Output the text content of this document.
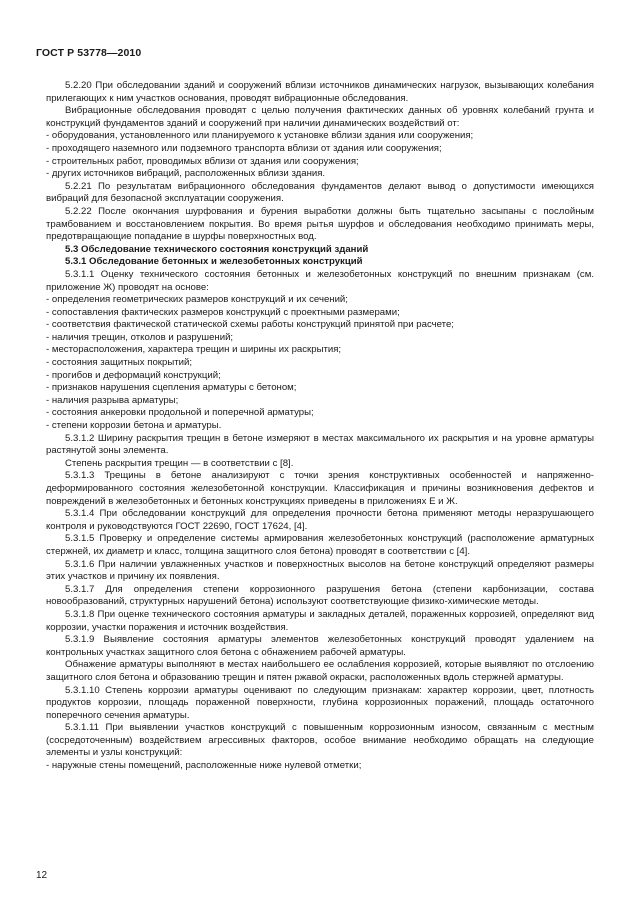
ГОСТ Р 53778—2010

5.2.20 При обследовании зданий и сооружений вблизи источников динамических нагрузок, вызывающих колебания прилегающих к ним участков основания, проводят вибрационные обследования.

Вибрационные обследования проводят с целью получения фактических данных об уровнях колебаний грунта и конструкций фундаментов зданий и сооружений при наличии динамических воздействий от:

- оборудования, установленного или планируемого к установке вблизи здания или сооружения;

- проходящего наземного или подземного транспорта вблизи от здания или сооружения;

- строительных работ, проводимых вблизи от здания или сооружения;

- других источников вибраций, расположенных вблизи здания.

5.2.21 По результатам вибрационного обследования фундаментов делают вывод о допустимости имеющихся вибраций для безопасной эксплуатации сооружения.

5.2.22 После окончания шурфования и бурения выработки должны быть тщательно засыпаны с послойным трамбованием и восстановлением покрытия. Во время рытья шурфов и обследования необходимо принимать меры, предотвращающие попадание в шурфы поверхностных вод.

5.3 Обследование технического состояния конструкций зданий

5.3.1 Обследование бетонных и железобетонных конструкций

5.3.1.1 Оценку технического состояния бетонных и железобетонных конструкций по внешним признакам (см. приложение Ж) проводят на основе:

- определения геометрических размеров конструкций и их сечений;

- сопоставления фактических размеров конструкций с проектными размерами;

- соответствия фактической статической схемы работы конструкций принятой при расчете;

- наличия трещин, отколов и разрушений;

- месторасположения, характера трещин и ширины их раскрытия;

- состояния защитных покрытий;

- прогибов и деформаций конструкций;

- признаков нарушения сцепления арматуры с бетоном;

- наличия разрыва арматуры;

- состояния анкеровки продольной и поперечной арматуры;

- степени коррозии бетона и арматуры.

5.3.1.2 Ширину раскрытия трещин в бетоне измеряют в местах максимального их раскрытия и на уровне арматуры растянутой зоны элемента.

Степень раскрытия трещин — в соответствии с [8].

5.3.1.3 Трещины в бетоне анализируют с точки зрения конструктивных особенностей и напряженно-деформированного состояния железобетонной конструкции. Классификация и причины возникновения дефектов и повреждений в железобетонных и бетонных конструкциях приведены в приложениях Е и Ж.

5.3.1.4 При обследовании конструкций для определения прочности бетона применяют методы неразрушающего контроля и руководствуются ГОСТ 22690, ГОСТ 17624, [4].

5.3.1.5 Проверку и определение системы армирования железобетонных конструкций (расположение арматурных стержней, их диаметр и класс, толщина защитного слоя бетона) проводят в соответствии с [4].

5.3.1.6 При наличии увлажненных участков и поверхностных высолов на бетоне конструкций определяют размеры этих участков и причину их появления.

5.3.1.7 Для определения степени коррозионного разрушения бетона (степени карбонизации, состава новообразований, структурных нарушений бетона) используют соответствующие физико-химические методы.

5.3.1.8 При оценке технического состояния арматуры и закладных деталей, пораженных коррозией, определяют вид коррозии, участки поражения и источник воздействия.

5.3.1.9 Выявление состояния арматуры элементов железобетонных конструкций проводят удалением на контрольных участках защитного слоя бетона с обнажением рабочей арматуры.

Обнажение арматуры выполняют в местах наибольшего ее ослабления коррозией, которые выявляют по отслоению защитного слоя бетона и образованию трещин и пятен ржавой окраски, расположенных вдоль стержней арматуры.

5.3.1.10 Степень коррозии арматуры оценивают по следующим признакам: характер коррозии, цвет, плотность продуктов коррозии, площадь пораженной поверхности, глубина коррозионных поражений, площадь остаточного поперечного сечения арматуры.

5.3.1.11 При выявлении участков конструкций с повышенным коррозионным износом, связанным с местным (сосредоточенным) воздействием агрессивных факторов, особое внимание необходимо обращать на следующие элементы и узлы конструкций:

- наружные стены помещений, расположенные ниже нулевой отметки;

12
